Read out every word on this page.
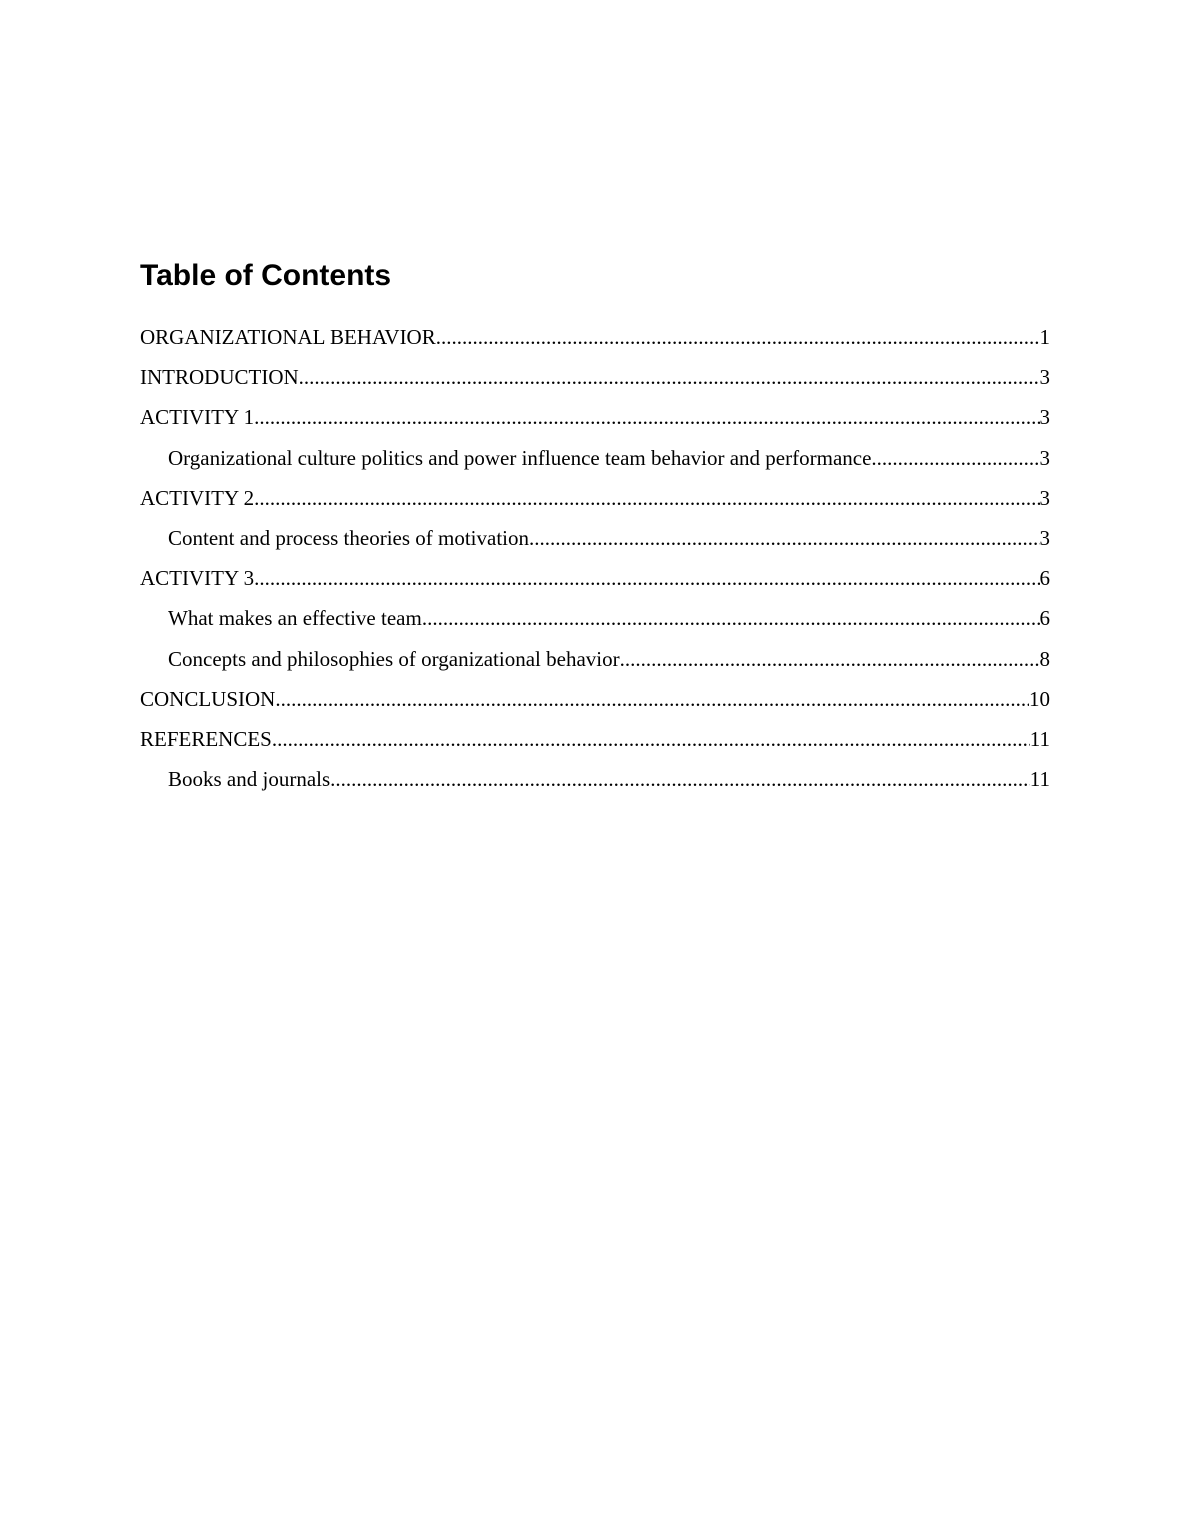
Table of Contents
ORGANIZATIONAL BEHAVIOR .....	1
INTRODUCTION .....	3
ACTIVITY 1 .....	3
Organizational culture politics and power influence team behavior and performance .....	3
ACTIVITY 2 .....	3
Content and process theories of motivation .....	3
ACTIVITY 3 .....	6
What makes an effective team .....	6
Concepts and philosophies of organizational behavior .....	8
CONCLUSION .....	10
REFERENCES .....	11
Books and journals .....	11
